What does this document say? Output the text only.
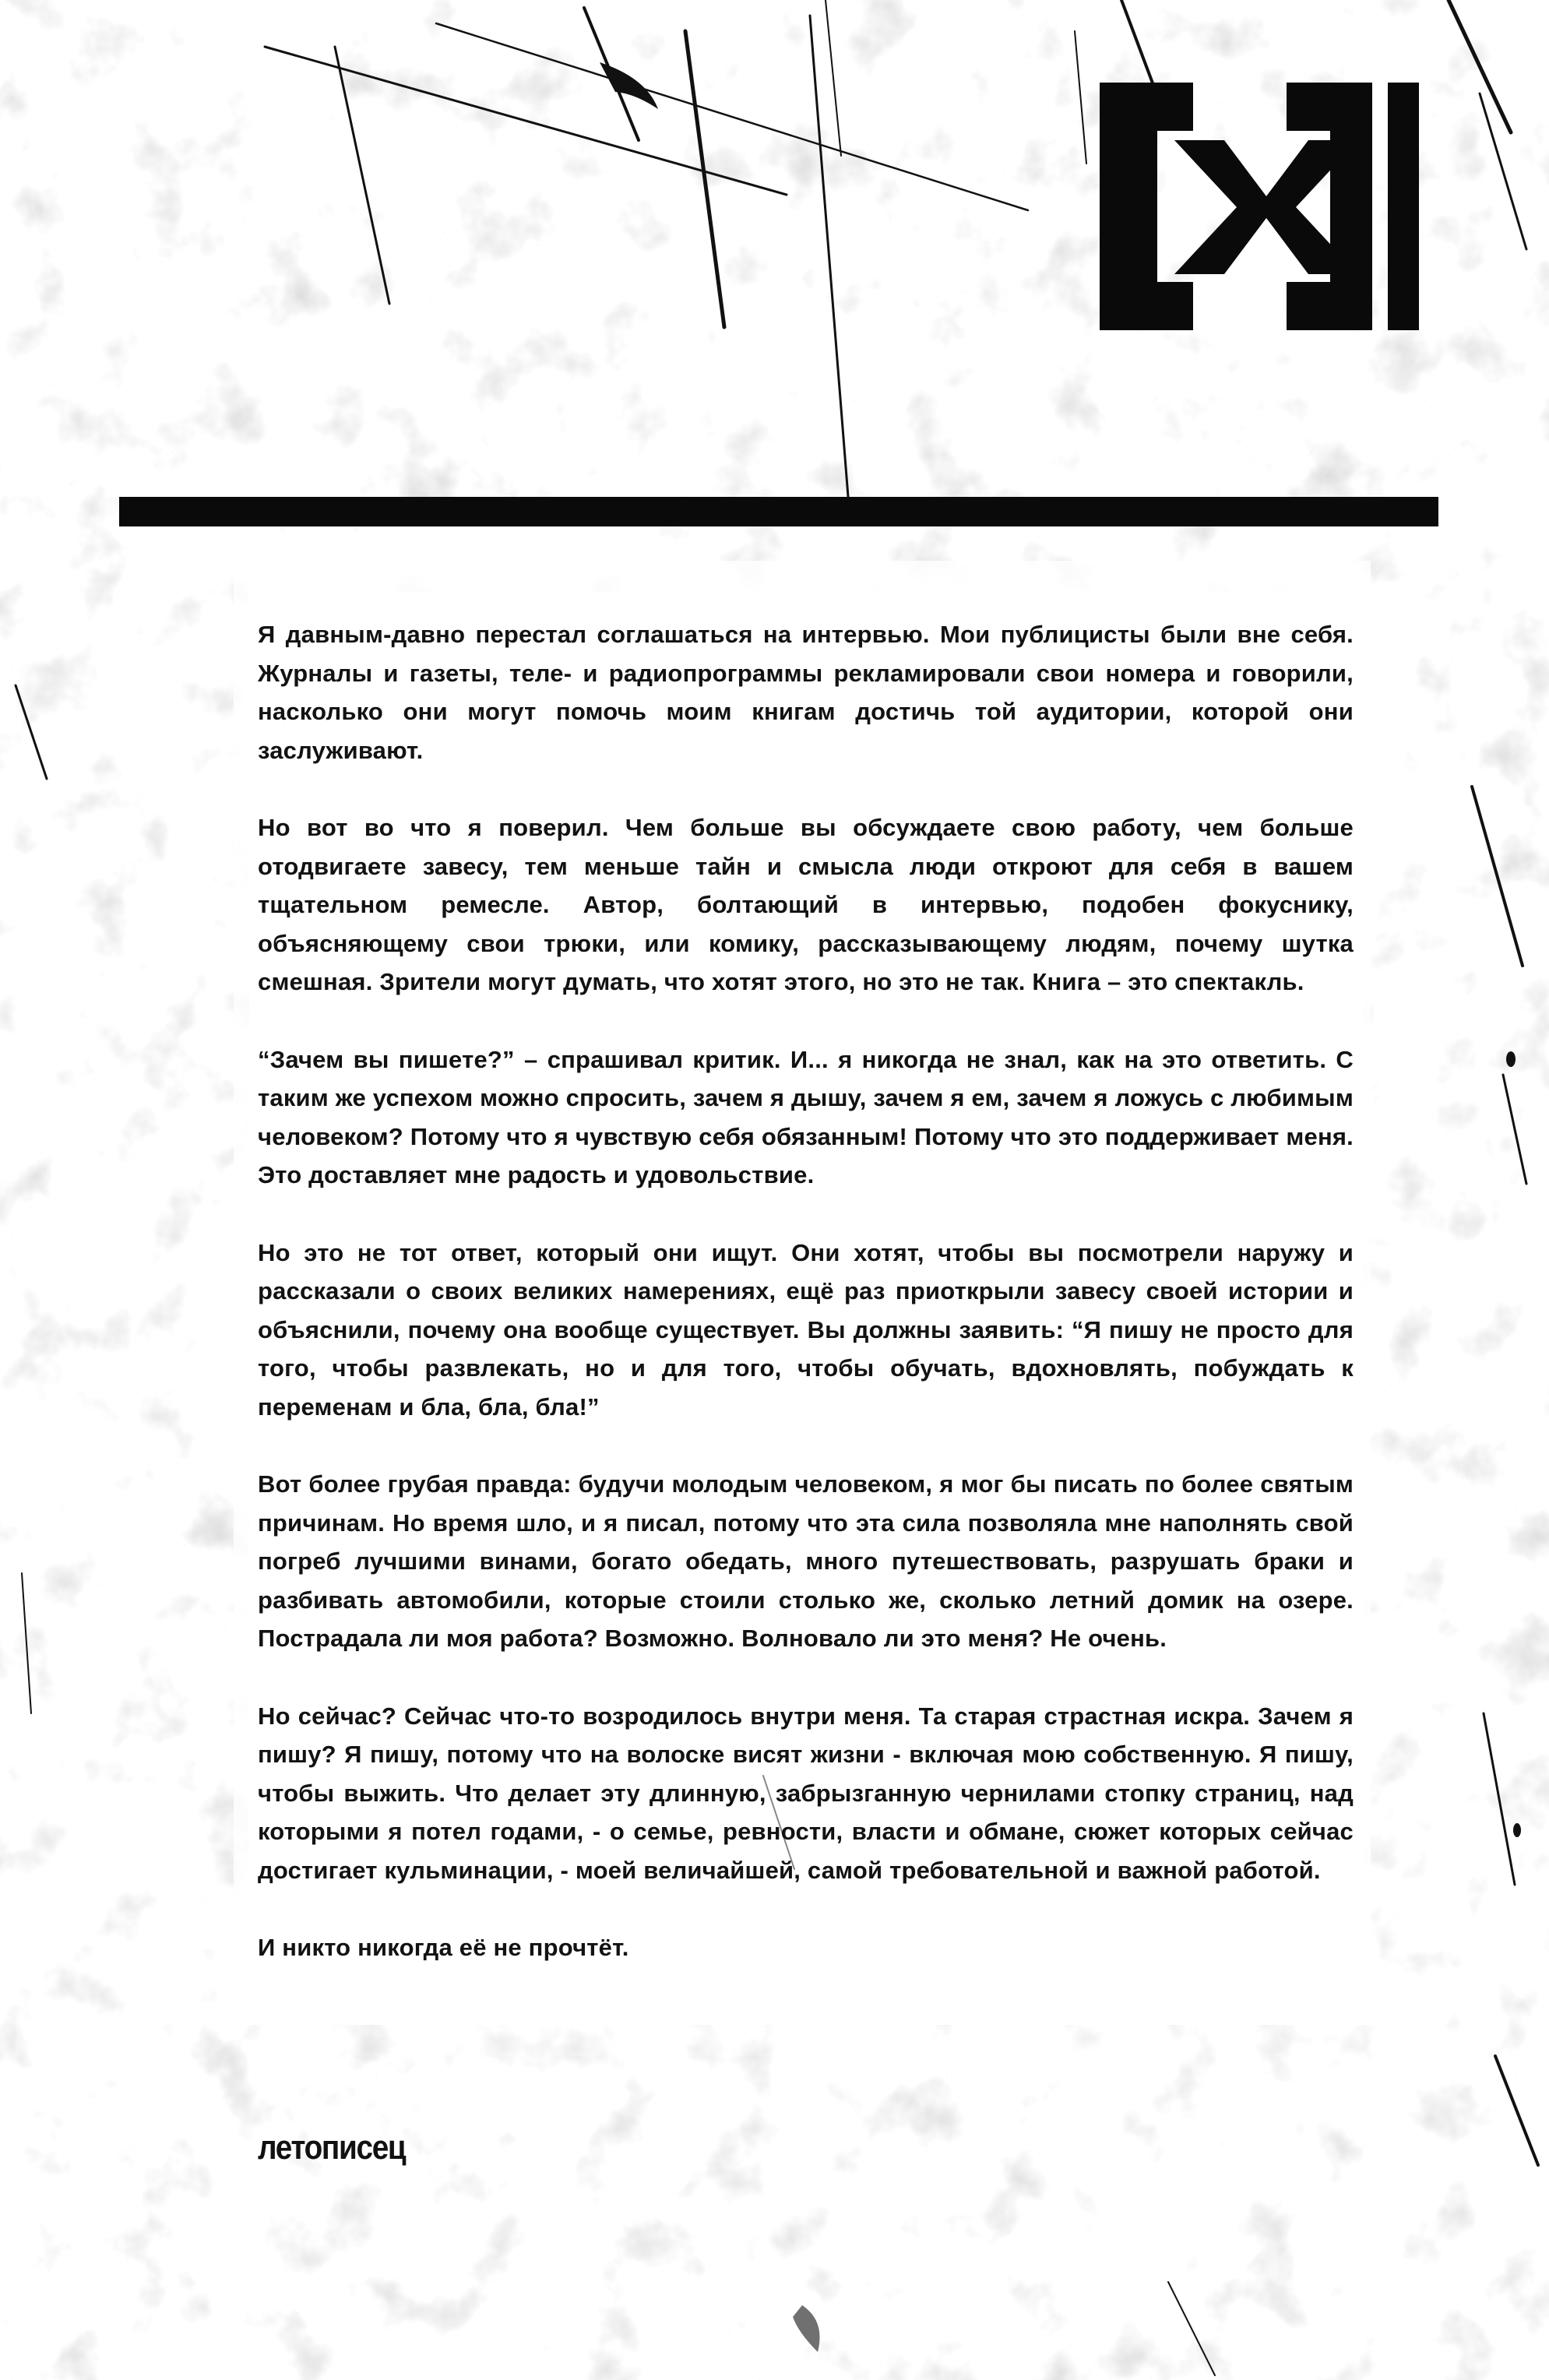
Я давным-давно перестал соглашаться на интервью. Мои публицисты были вне себя. Журналы и газеты, теле- и радиопрограммы рекламировали свои номера и говорили, насколько они могут помочь моим книгам достичь той аудитории, которой они заслуживают.

Но вот во что я поверил. Чем больше вы обсуждаете свою работу, чем больше отодвигаете завесу, тем меньше тайн и смысла люди откроют для себя в вашем тщательном ремесле. Автор, болтающий в интервью, подобен фокуснику, объясняющему свои трюки, или комику, рассказывающему людям, почему шутка смешная. Зрители могут думать, что хотят этого, но это не так. Книга – это спектакль.

“Зачем вы пишете?” – спрашивал критик. И... я никогда не знал, как на это ответить. С таким же успехом можно спросить, зачем я дышу, зачем я ем, зачем я ложусь с любимым человеком? Потому что я чувствую себя обязанным! Потому что это поддерживает меня. Это доставляет мне радость и удовольствие.

Но это не тот ответ, который они ищут. Они хотят, чтобы вы посмотрели наружу и рассказали о своих великих намерениях, ещё раз приоткрыли завесу своей истории и объяснили, почему она вообще существует. Вы должны заявить: “Я пишу не просто для того, чтобы развлекать, но и для того, чтобы обучать, вдохновлять, побуждать к переменам и бла, бла, бла!”

Вот более грубая правда: будучи молодым человеком, я мог бы писать по более святым причинам. Но время шло, и я писал, потому что эта сила позволяла мне наполнять свой погреб лучшими винами, богато обедать, много путешествовать, разрушать браки и разбивать автомобили, которые стоили столько же, сколько летний домик на озере. Пострадала ли моя работа? Возможно. Волновало ли это меня? Не очень.

Но сейчас? Сейчас что-то возродилось внутри меня. Та старая страстная искра. Зачем я пишу? Я пишу, потому что на волоске висят жизни - включая мою собственную. Я пишу, чтобы выжить. Что делает эту длинную, забрызганную чернилами стопку страниц, над которыми я потел годами, - о семье, ревности, власти и обмане, сюжет которых сейчас достигает кульминации, - моей величайшей, самой требовательной и важной работой.

И никто никогда её не прочтёт.

летописец
